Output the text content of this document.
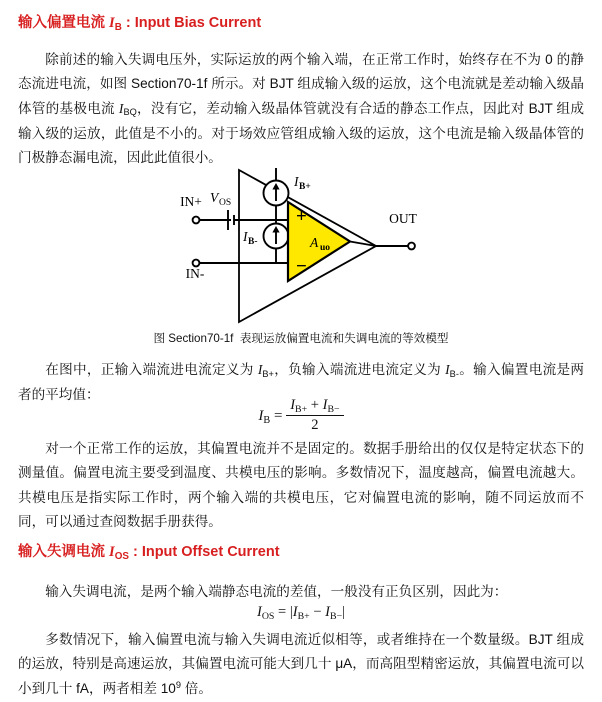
输入偏置电流 $I_B$ : Input Bias Current
除前述的输入失调电压外，实际运放的两个输入端，在正常工作时，始终存在不为 0 的静态流进电流，如图 Section70-1f 所示。对 BJT 组成输入级的运放，这个电流就是差动输入级晶体管的基极电流 $I_{BQ}$，没有它，差动输入级晶体管就没有合适的静态工作点，因此对 BJT 组成输入级的运放，此值是不小的。对于场效应管组成输入级的运放，这个电流是输入级晶体管的门极静态漏电流，因此此值很小。
+
−
IN+
IN-
OUT
V OS
I B+
I B-	A uo
图 Section70-1f 表现运放偏置电流和失调电流的等效模型
在图中，正输入端流进电流定义为 $I_{B+}$，负输入端流进电流定义为 $I_{B-}$。输入偏置电流是两者的平均值：
$I_B = \frac{I_{B+} + I_{B-}}{2}$
对一个正常工作的运放，其偏置电流并不是固定的。数据手册给出的仅仅是特定状态下的测量值。偏置电流主要受到温度、共模电压的影响。多数情况下，温度越高，偏置电流越大。共模电压是指实际工作时，两个输入端的共模电压，它对偏置电流的影响，随不同运放而不同，可以通过查阅数据手册获得。
输入失调电流 $I_{OS}$ : Input Offset Current
输入失调电流，是两个输入端静态电流的差值，一般没有正负区别，因此为：
$I_{OS} = |I_{B+} - I_{B-}|$
多数情况下，输入偏置电流与输入失调电流近似相等，或者维持在一个数量级。BJT 组成的运放，特别是高速运放，其偏置电流可能大到几十 μA，而高阻型精密运放，其偏置电流可以小到几十 fA，两者相差 $10^9$ 倍。
